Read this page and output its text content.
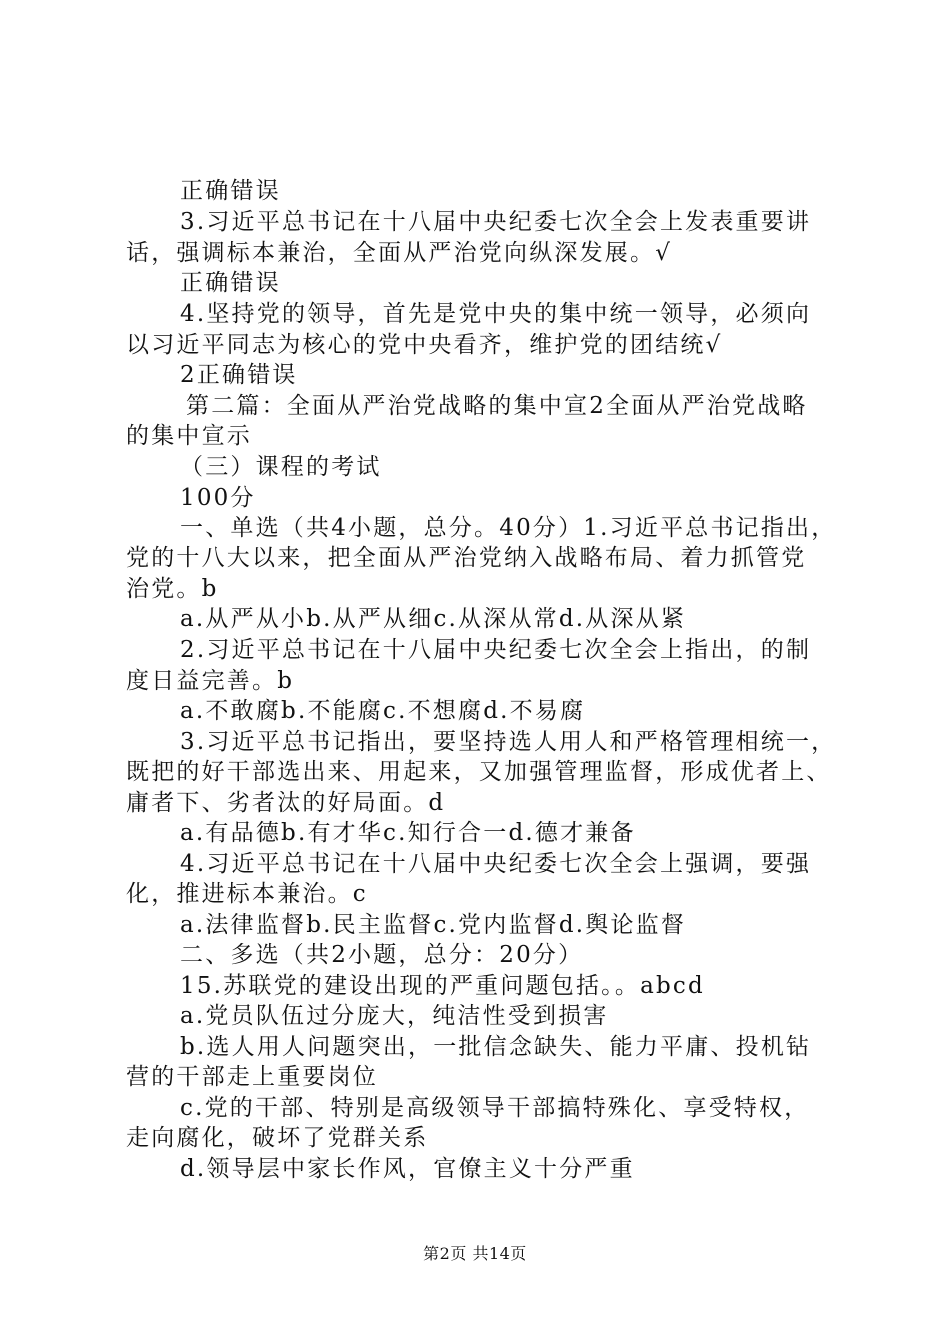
正确错误
3.习近平总书记在十八届中央纪委七次全会上发表重要讲
话，强调标本兼治，全面从严治党向纵深发展。√
正确错误
4.坚持党的领导，首先是党中央的集中统一领导，必须向
以习近平同志为核心的党中央看齐，维护党的团结统√
2正确错误
第二篇：全面从严治党战略的集中宣2全面从严治党战略
的集中宣示
（三）课程的考试
100分
一、单选（共4小题，总分。40分）1.习近平总书记指出，
党的十八大以来，把全面从严治党纳入战略布局、着力抓管党
治党。b
a.从严从小b.从严从细c.从深从常d.从深从紧
2.习近平总书记在十八届中央纪委七次全会上指出，的制
度日益完善。b
a.不敢腐b.不能腐c.不想腐d.不易腐
3.习近平总书记指出，要坚持选人用人和严格管理相统一，
既把的好干部选出来、用起来，又加强管理监督，形成优者上、
庸者下、劣者汰的好局面。d
a.有品德b.有才华c.知行合一d.德才兼备
4.习近平总书记在十八届中央纪委七次全会上强调，要强
化，推进标本兼治。c
a.法律监督b.民主监督c.党内监督d.舆论监督
二、多选（共2小题，总分：20分）
15.苏联党的建设出现的严重问题包括。。abcd
a.党员队伍过分庞大，纯洁性受到损害
b.选人用人问题突出，一批信念缺失、能力平庸、投机钻
营的干部走上重要岗位
c.党的干部、特别是高级领导干部搞特殊化、享受特权，
走向腐化，破坏了党群关系
d.领导层中家长作风，官僚主义十分严重
第2页 共14页
